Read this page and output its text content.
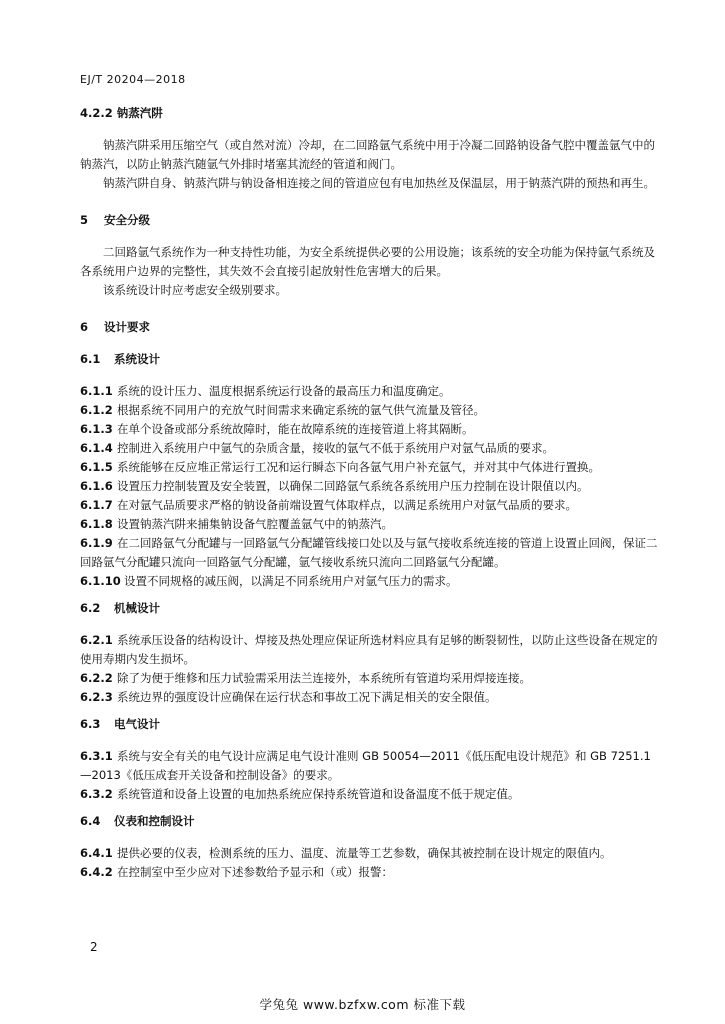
EJ/T 20204—2018
4.2.2 钠蒸汽阱

钠蒸汽阱采用压缩空气（或自然对流）冷却，在二回路氩气系统中用于冷凝二回路钠设备气腔中覆盖氩气中的钠蒸汽，以防止钠蒸汽随氩气外排时堵塞其流经的管道和阀门。

钠蒸汽阱自身、钠蒸汽阱与钠设备相连接之间的管道应包有电加热丝及保温层，用于钠蒸汽阱的预热和再生。

5 安全分级

二回路氩气系统作为一种支持性功能，为安全系统提供必要的公用设施；该系统的安全功能为保持氩气系统及各系统用户边界的完整性，其失效不会直接引起放射性危害增大的后果。

该系统设计时应考虑安全级别要求。

6 设计要求
6.1 系统设计

6.1.1 系统的设计压力、温度根据系统运行设备的最高压力和温度确定。

6.1.2 根据系统不同用户的充放气时间需求来确定系统的氩气供气流量及管径。

6.1.3 在单个设备或部分系统故障时，能在故障系统的连接管道上将其隔断。

6.1.4 控制进入系统用户中氩气的杂质含量，接收的氩气不低于系统用户对氩气品质的要求。

6.1.5 系统能够在反应堆正常运行工况和运行瞬态下向各氩气用户补充氩气，并对其中气体进行置换。

6.1.6 设置压力控制装置及安全装置，以确保二回路氩气系统各系统用户压力控制在设计限值以内。

6.1.7 在对氩气品质要求严格的钠设备前端设置气体取样点，以满足系统用户对氩气品质的要求。

6.1.8 设置钠蒸汽阱来捕集钠设备气腔覆盖氩气中的钠蒸汽。

6.1.9 在二回路氩气分配罐与一回路氩气分配罐管线接口处以及与氩气接收系统连接的管道上设置止回阀，保证二回路氩气分配罐只流向一回路氩气分配罐，氩气接收系统只流向二回路氩气分配罐。

6.1.10 设置不同规格的减压阀，以满足不同系统用户对氩气压力的需求。

6.2 机械设计

6.2.1 系统承压设备的结构设计、焊接及热处理应保证所选材料应具有足够的断裂韧性，以防止这些设备在规定的使用寿期内发生损坏。

6.2.2 除了为便于维修和压力试验需采用法兰连接外，本系统所有管道均采用焊接连接。

6.2.3 系统边界的强度设计应确保在运行状态和事故工况下满足相关的安全限值。

6.3 电气设计

6.3.1 系统与安全有关的电气设计应满足电气设计准则 GB 50054—2011《低压配电设计规范》和 GB 7251.1—2013《低压成套开关设备和控制设备》的要求。

6.3.2 系统管道和设备上设置的电加热系统应保持系统管道和设备温度不低于规定值。

6.4 仪表和控制设计

6.4.1 提供必要的仪表，检测系统的压力、温度、流量等工艺参数，确保其被控制在设计规定的限值内。

6.4.2 在控制室中至少应对下述参数给予显示和（或）报警：

2
学兔兔 www.bzfxw.com 标准下载
